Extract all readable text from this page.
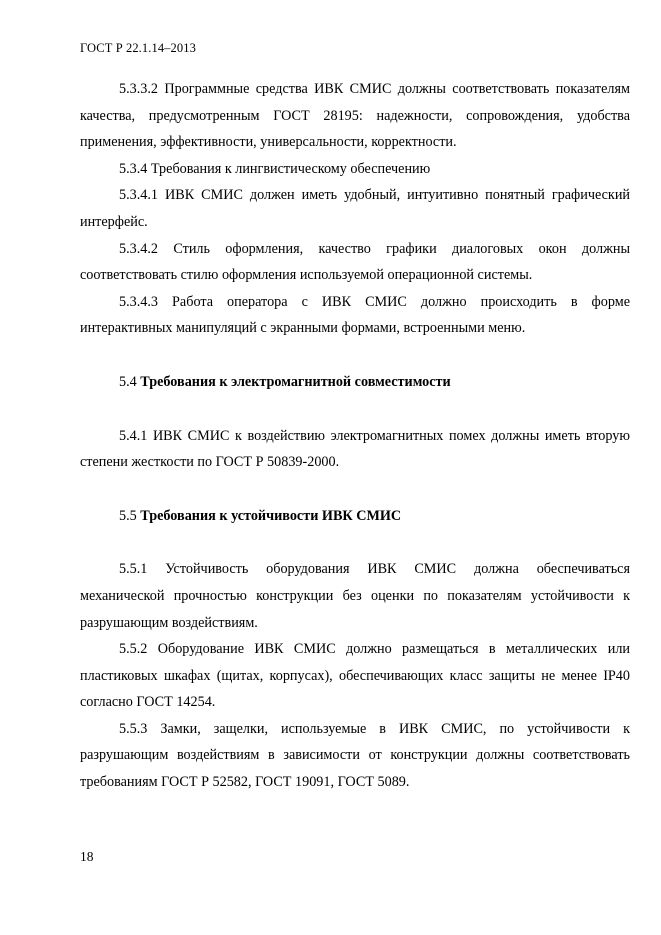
ГОСТ Р 22.1.14–2013

5.3.3.2 Программные средства ИВК СМИС должны соответствовать показателям качества, предусмотренным ГОСТ 28195: надежности, сопровождения, удобства применения, эффективности, универсальности, корректности.

5.3.4 Требования к лингвистическому обеспечению

5.3.4.1 ИВК СМИС должен иметь удобный, интуитивно понятный графический интерфейс.

5.3.4.2 Стиль оформления, качество графики диалоговых окон должны соответствовать стилю оформления используемой операционной системы.

5.3.4.3 Работа оператора с ИВК СМИС должно происходить в форме интерактивных манипуляций с экранными формами, встроенными меню.

5.4 Требования к электромагнитной совместимости

5.4.1 ИВК СМИС к воздействию электромагнитных помех должны иметь вторую степени жесткости по ГОСТ Р 50839-2000.

5.5 Требования к устойчивости ИВК СМИС

5.5.1 Устойчивость оборудования ИВК СМИС должна обеспечиваться механической прочностью конструкции без оценки по показателям устойчивости к разрушающим воздействиям.

5.5.2 Оборудование ИВК СМИС должно размещаться в металлических или пластиковых шкафах (щитах, корпусах), обеспечивающих класс защиты не менее IP40 согласно ГОСТ 14254.

5.5.3 Замки, защелки, используемые в ИВК СМИС, по устойчивости к разрушающим воздействиям в зависимости от конструкции должны соответствовать требованиям ГОСТ Р 52582, ГОСТ 19091, ГОСТ 5089.

18
